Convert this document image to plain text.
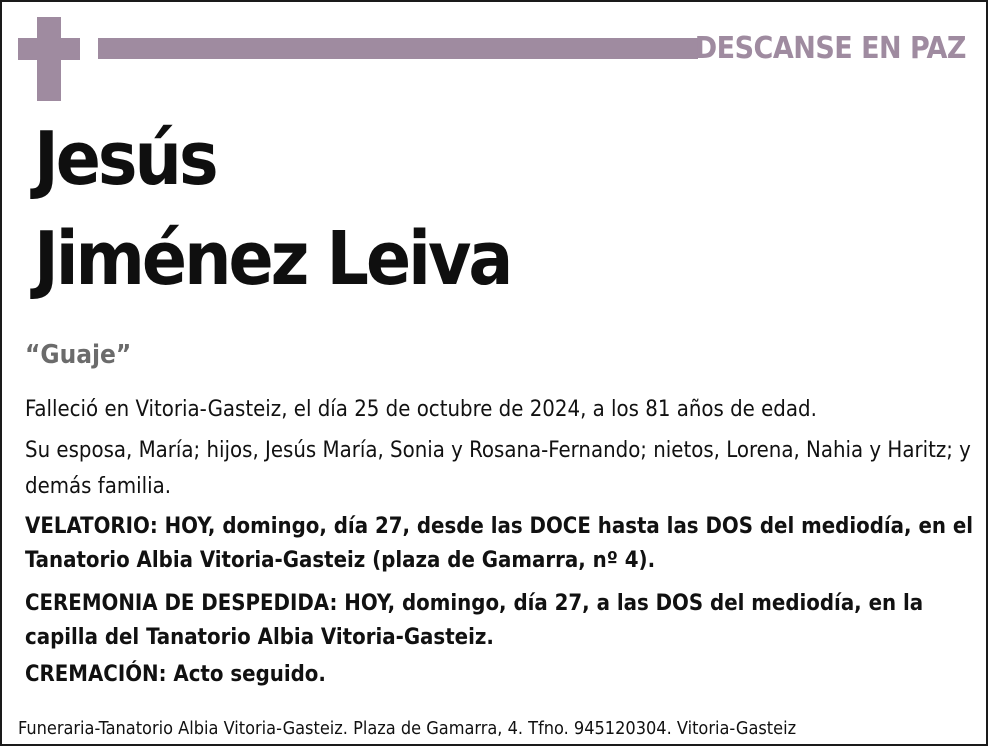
DESCANSE EN PAZ
Jesús
Jiménez Leiva
“Guaje”
Falleció en Vitoria-Gasteiz, el día 25 de octubre de 2024, a los 81 años de edad.
Su esposa, María; hijos, Jesús María, Sonia y Rosana-Fernando; nietos, Lorena, Nahia y Haritz; y demás familia.
VELATORIO: HOY, domingo, día 27, desde las DOCE hasta las DOS del mediodía, en el Tanatorio Albia Vitoria-Gasteiz (plaza de Gamarra, nº 4).
CEREMONIA DE DESPEDIDA: HOY, domingo, día 27, a las DOS del mediodía, en la capilla del Tanatorio Albia Vitoria-Gasteiz.
CREMACIÓN: Acto seguido.
Funeraria-Tanatorio Albia Vitoria-Gasteiz. Plaza de Gamarra, 4. Tfno. 945120304. Vitoria-Gasteiz
